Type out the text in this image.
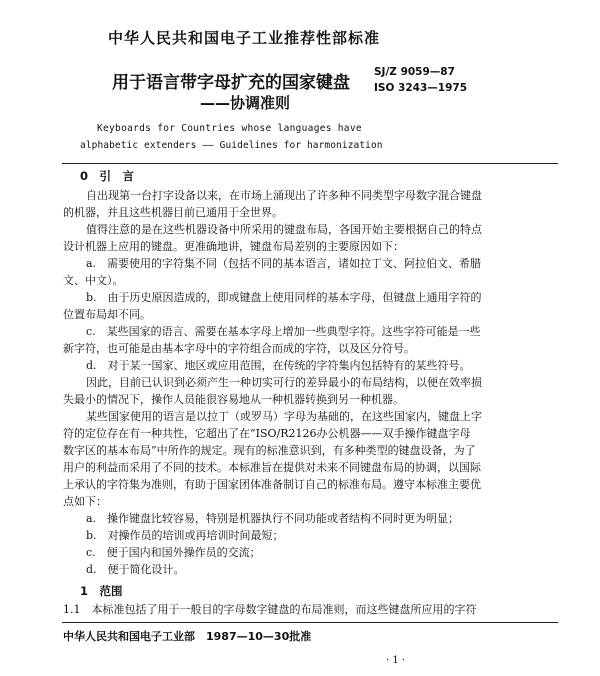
中华人民共和国电子工业推荐性部标准
用于语言带字母扩充的国家键盘
——协调准则
SJ/Z 9059—87
ISO 3243—1975
Keyboards for Countries whose languages have
alphabetic extenders —— Guidelines for harmonization
0　引　言
自出现第一台打字设备以来，在市场上涌现出了许多种不同类型字母数字混合键盘
的机器，并且这些机器目前已通用于全世界。
值得注意的是在这些机器设备中所采用的键盘布局，各国开始主要根据自己的特点
设计机器上应用的键盘。更准确地讲，键盘布局差别的主要原因如下：
a.　需要使用的字符集不同（包括不同的基本语言，诸如拉丁文、阿拉伯文、希腊
文、中文）。
b.　由于历史原因造成的，即或键盘上使用同样的基本字母，但键盘上通用字符的
位置布局却不同。
c.　某些国家的语言、需要在基本字母上增加一些典型字符。这些字符可能是一些
新字符，也可能是由基本字母中的字符组合而成的字符，以及区分符号。
d.　对于某一国家、地区或应用范围，在传统的字符集内包括特有的某些符号。
因此，目前已认识到必须产生一种切实可行的差异最小的布局结构，以便在效率损
失最小的情况下，操作人员能很容易地从一种机器转换到另一种机器。
某些国家使用的语言是以拉丁（或罗马）字母为基础的，在这些国家内，键盘上字
符的定位存在有一种共性，它超出了在“ISO/R2126办公机器——双手操作键盘字母
数字区的基本布局”中所作的规定。现有的标准意识到，有多种类型的键盘设备，为了
用户的利益而采用了不同的技术。本标准旨在提供对未来不同键盘布局的协调，以国际
上承认的字符集为准则，有助于国家团体准备制订自己的标准布局。遵守本标准主要优
点如下：
a.　操作键盘比较容易，特别是机器执行不同功能或者结构不同时更为明显；
b.　对操作员的培训或再培训时间最短；
c.　便于国内和国外操作员的交流；
d.　便于简化设计。
1　范围
1.1　本标准包括了用于一般目的字母数字键盘的布局准则，而这些键盘所应用的字符
中华人民共和国电子工业部　1987—10—30批准
· 1 ·
